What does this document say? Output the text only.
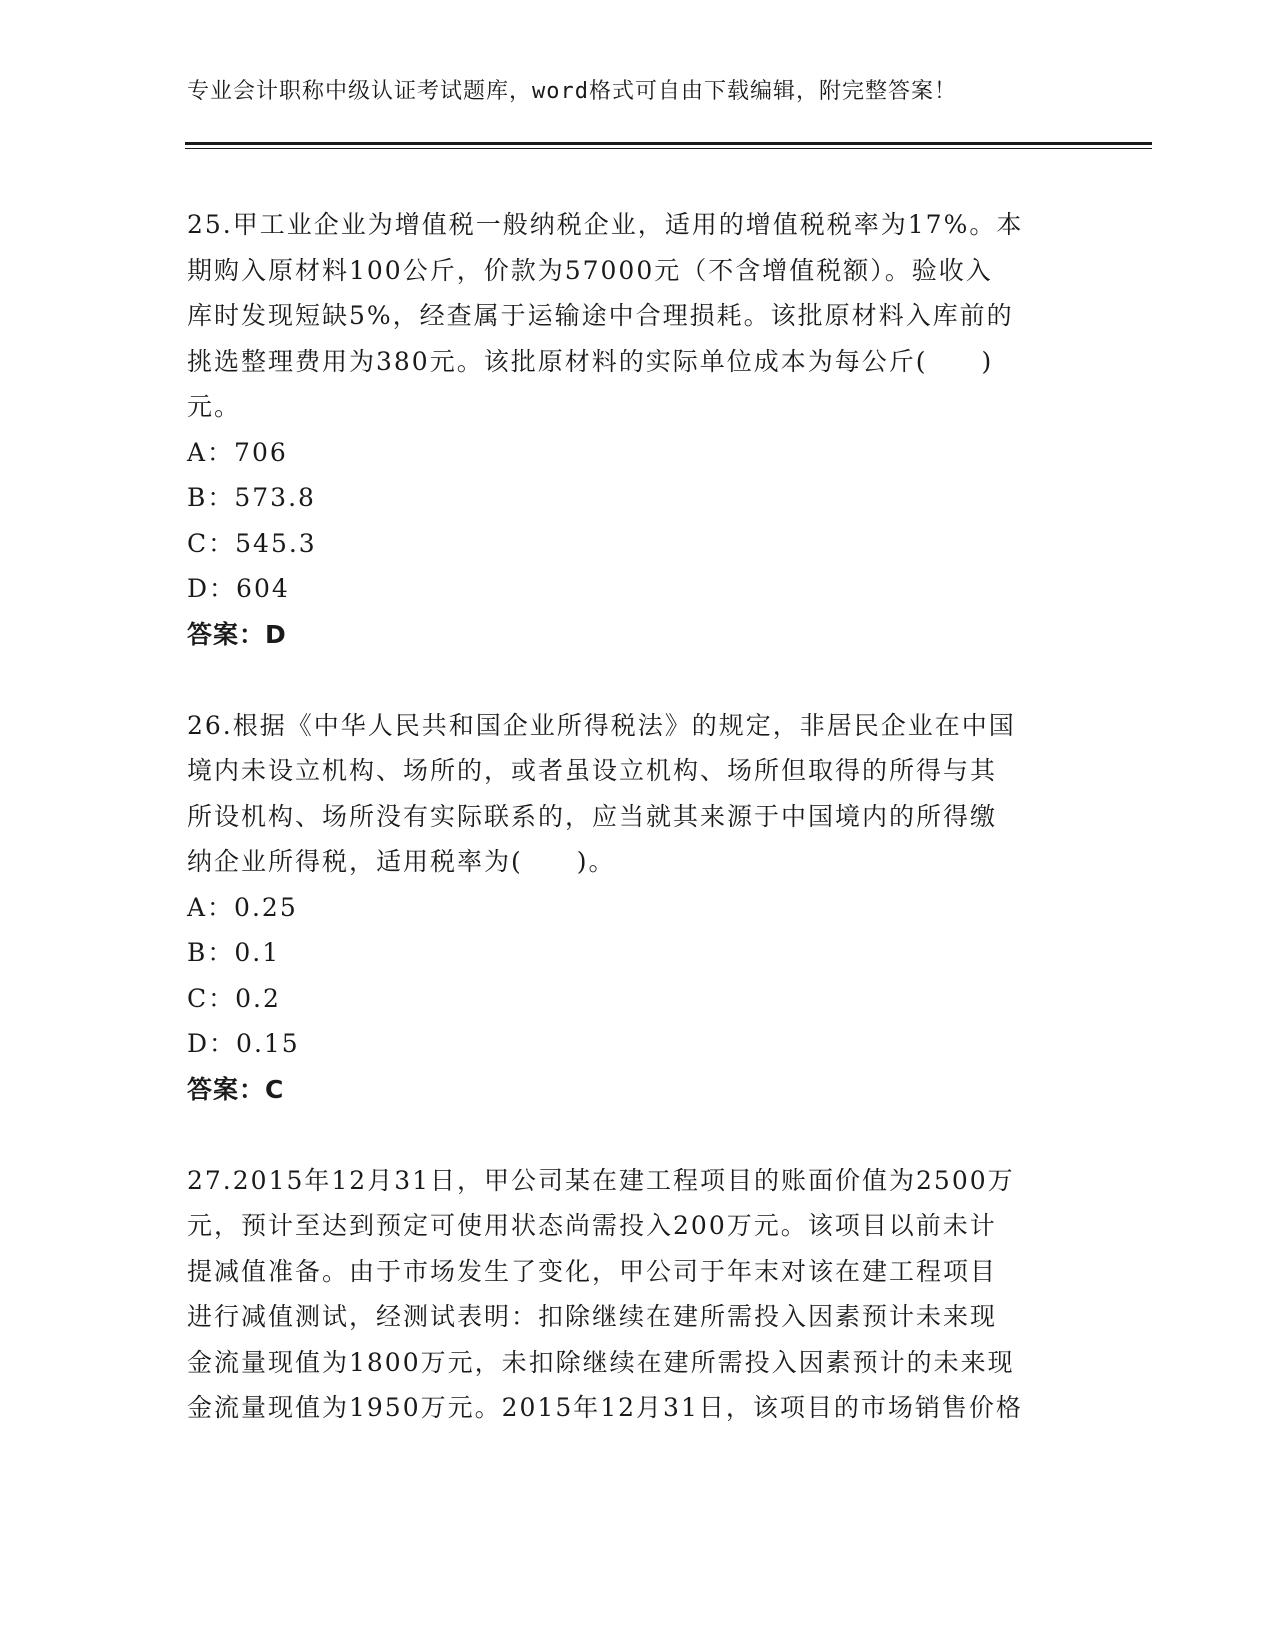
专业会计职称中级认证考试题库，word格式可自由下载编辑，附完整答案！
25.甲工业企业为增值税一般纳税企业，适用的增值税税率为17%。本
期购入原材料100公斤，价款为57000元（不含增值税额）。验收入
库时发现短缺5%，经查属于运输途中合理损耗。该批原材料入库前的
挑选整理费用为380元。该批原材料的实际单位成本为每公斤(　　)
元。
A：706
B：573.8
C：545.3
D：604
答案：D
26.根据《中华人民共和国企业所得税法》的规定，非居民企业在中国
境内未设立机构、场所的，或者虽设立机构、场所但取得的所得与其
所设机构、场所没有实际联系的，应当就其来源于中国境内的所得缴
纳企业所得税，适用税率为(　　)。
A：0.25
B：0.1
C：0.2
D：0.15
答案：C
27.2015年12月31日，甲公司某在建工程项目的账面价值为2500万
元，预计至达到预定可使用状态尚需投入200万元。该项目以前未计
提减值准备。由于市场发生了变化，甲公司于年末对该在建工程项目
进行减值测试，经测试表明：扣除继续在建所需投入因素预计未来现
金流量现值为1800万元，未扣除继续在建所需投入因素预计的未来现
金流量现值为1950万元。2015年12月31日，该项目的市场销售价格
